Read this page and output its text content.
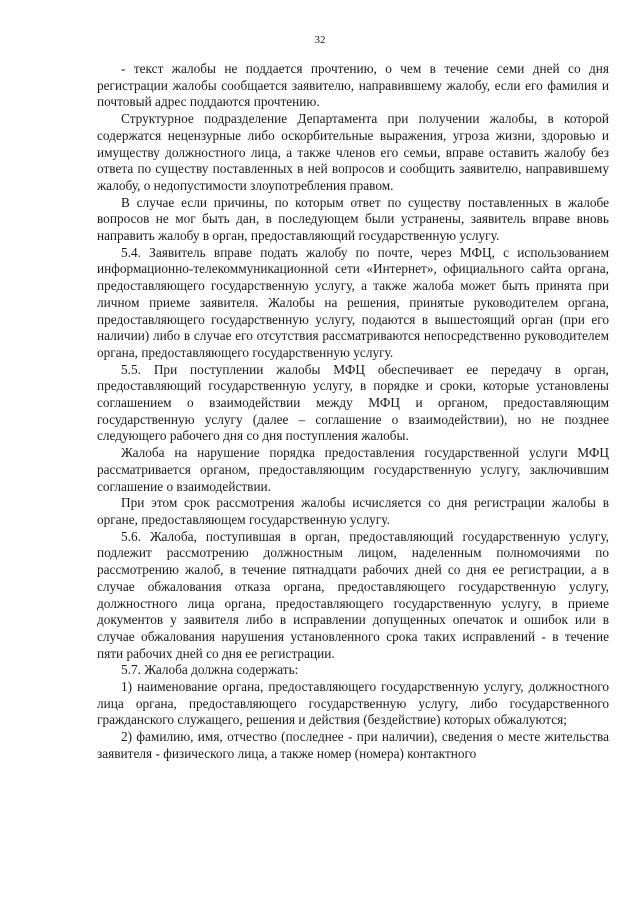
32

- текст жалобы не поддается прочтению, о чем в течение семи дней со дня регистрации жалобы сообщается заявителю, направившему жалобу, если его фамилия и почтовый адрес поддаются прочтению.

Структурное подразделение Департамента при получении жалобы, в которой содержатся нецензурные либо оскорбительные выражения, угроза жизни, здоровью и имуществу должностного лица, а также членов его семьи, вправе оставить жалобу без ответа по существу поставленных в ней вопросов и сообщить заявителю, направившему жалобу, о недопустимости злоупотребления правом.

В случае если причины, по которым ответ по существу поставленных в жалобе вопросов не мог быть дан, в последующем были устранены, заявитель вправе вновь направить жалобу в орган, предоставляющий государственную услугу.

5.4. Заявитель вправе подать жалобу по почте, через МФЦ, с использованием информационно-телекоммуникационной сети «Интернет», официального сайта органа, предоставляющего государственную услугу, а также жалоба может быть принята при личном приеме заявителя. Жалобы на решения, принятые руководителем органа, предоставляющего государственную услугу, подаются в вышестоящий орган (при его наличии) либо в случае его отсутствия рассматриваются непосредственно руководителем органа, предоставляющего государственную услугу.

5.5. При поступлении жалобы МФЦ обеспечивает ее передачу в орган, предоставляющий государственную услугу, в порядке и сроки, которые установлены соглашением о взаимодействии между МФЦ и органом, предоставляющим государственную услугу (далее – соглашение о взаимодействии), но не позднее следующего рабочего дня со дня поступления жалобы.

Жалоба на нарушение порядка предоставления государственной услуги МФЦ рассматривается органом, предоставляющим государственную услугу, заключившим соглашение о взаимодействии.

При этом срок рассмотрения жалобы исчисляется со дня регистрации жалобы в органе, предоставляющем государственную услугу.

5.6. Жалоба, поступившая в орган, предоставляющий государственную услугу, подлежит рассмотрению должностным лицом, наделенным полномочиями по рассмотрению жалоб, в течение пятнадцати рабочих дней со дня ее регистрации, а в случае обжалования отказа органа, предоставляющего государственную услугу, должностного лица органа, предоставляющего государственную услугу, в приеме документов у заявителя либо в исправлении допущенных опечаток и ошибок или в случае обжалования нарушения установленного срока таких исправлений - в течение пяти рабочих дней со дня ее регистрации.

5.7. Жалоба должна содержать:

1) наименование органа, предоставляющего государственную услугу, должностного лица органа, предоставляющего государственную услугу, либо государственного гражданского служащего, решения и действия (бездействие) которых обжалуются;

2) фамилию, имя, отчество (последнее - при наличии), сведения о месте жительства заявителя - физического лица, а также номер (номера) контактного
